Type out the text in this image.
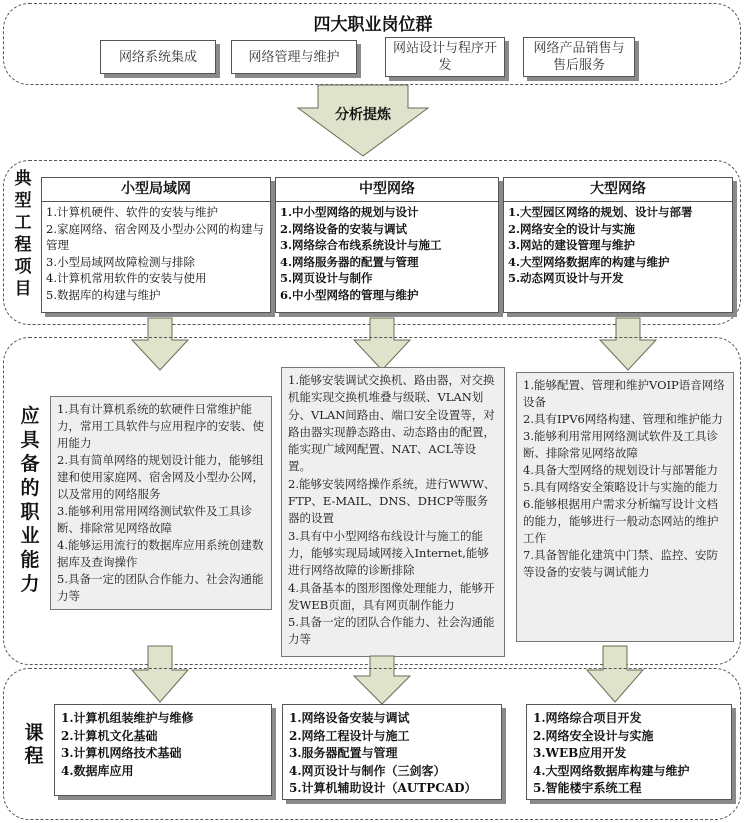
四大职业岗位群
网络系统集成	网络管理与维护
网站设计与程序开发
网络产品销售与售后服务
分析提炼
典型工程项目
小型局域网
1.计算机硬件、软件的安装与维护
2.家庭网络、宿舍网及小型办公网的构建与管理
3.小型局域网故障检测与排除
4.计算机常用软件的安装与使用
5.数据库的构建与维护
中型网络
1.中小型网络的规划与设计
2.网络设备的安装与调试
3.网络综合布线系统设计与施工
4.网络服务器的配置与管理
5.网页设计与制作
6.中小型网络的管理与维护
大型网络
1.大型园区网络的规划、设计与部署
2.网络安全的设计与实施
3.网站的建设管理与维护
4.大型网络数据库的构建与维护
5.动态网页设计与开发
应具备的职业能力
1.具有计算机系统的软硬件日常维护能力，常用工具软件与应用程序的安装、使用能力
2.具有简单网络的规划设计能力，能够组建和使用家庭网、宿舍网及小型办公网，以及常用的网络服务
3.能够利用常用网络测试软件及工具诊断、排除常见网络故障
4.能够运用流行的数据库应用系统创建数据库及查询操作
5.具备一定的团队合作能力、社会沟通能力等
1.能够安装调试交换机、路由器，对交换机能实现交换机堆叠与级联、VLAN划分、VLAN间路由、端口安全设置等，对路由器实现静态路由、动态路由的配置，能实现广域网配置、NAT、ACL等设置。
2.能够安装网络操作系统，进行WWW、FTP、E-MAIL、DNS、DHCP等服务器的设置
3.具有中小型网络布线设计与施工的能力，能够实现局域网接入Internet,能够进行网络故障的诊断排除
4.具备基本的图形图像处理能力，能够开发WEB页面，具有网页制作能力
5.具备一定的团队合作能力、社会沟通能力等
1.能够配置、管理和维护VOIP语音网络设备
2.具有IPV6网络构建、管理和维护能力
3.能够利用常用网络测试软件及工具诊断、排除常见网络故障
4.具备大型网络的规划设计与部署能力
5.具有网络安全策略设计与实施的能力
6.能够根据用户需求分析编写设计文档的能力，能够进行一般动态网站的维护工作
7.具备智能化建筑中门禁、监控、安防等设备的安装与调试能力
课程
1.计算机组装维护与维修
2.计算机文化基础
3.计算机网络技术基础
4.数据库应用
1.网络设备安装与调试
2.网络工程设计与施工
3.服务器配置与管理
4.网页设计与制作（三剑客）
5.计算机辅助设计（AUTPCAD）
1.网络综合项目开发
2.网络安全设计与实施
3.WEB应用开发
4.大型网络数据库构建与维护
5.智能楼宇系统工程
